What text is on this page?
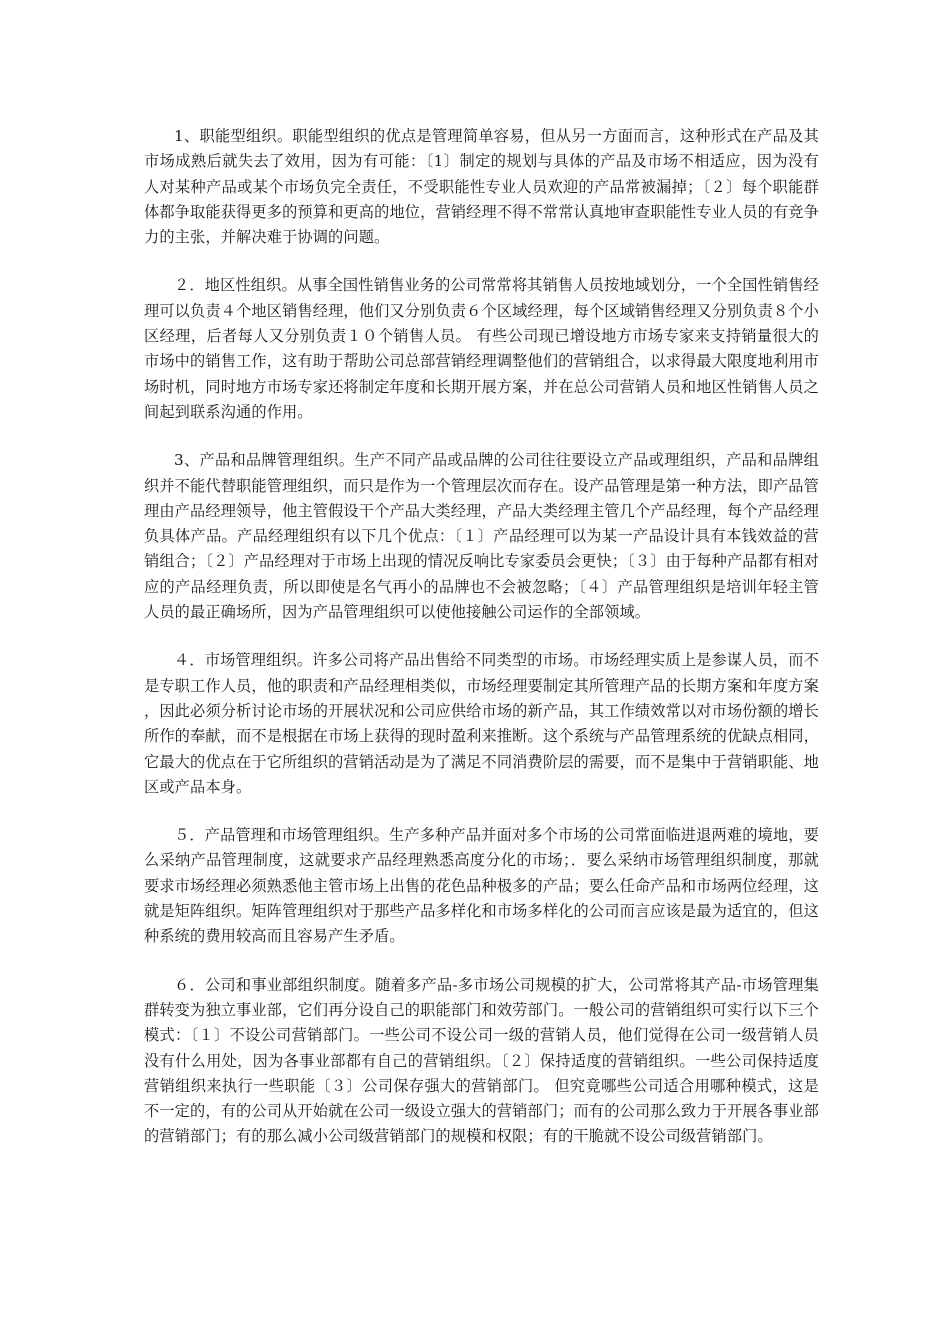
1、职能型组织。职能型组织的优点是管理简单容易，但从另一方面而言，这种形式在产品及其市场成熟后就失去了效用，因为有可能：〔1〕制定的规划与具体的产品及市场不相适应，因为没有人对某种产品或某个市场负完全责任，不受职能性专业人员欢迎的产品常被漏掉；〔２〕每个职能群体都争取能获得更多的预算和更高的地位，营销经理不得不常常认真地审查职能性专业人员的有竞争力的主张，并解决难于协调的问题。

２．地区性组织。从事全国性销售业务的公司常常将其销售人员按地域划分，一个全国性销售经理可以负责４个地区销售经理，他们又分别负责６个区域经理，每个区域销售经理又分别负责８个小区经理，后者每人又分别负责１０个销售人员。 有些公司现已增设地方市场专家来支持销量很大的市场中的销售工作，这有助于帮助公司总部营销经理调整他们的营销组合，以求得最大限度地利用市场时机，同时地方市场专家还将制定年度和长期开展方案，并在总公司营销人员和地区性销售人员之间起到联系沟通的作用。

3、产品和品牌管理组织。生产不同产品或品牌的公司往往要设立产品或理组织，产品和品牌组织并不能代替职能管理组织，而只是作为一个管理层次而存在。设产品管理是第一种方法，即产品管理由产品经理领导，他主管假设干个产品大类经理，产品大类经理主管几个产品经理，每个产品经理负具体产品。产品经理组织有以下几个优点：〔１〕产品经理可以为某一产品设计具有本钱效益的营销组合；〔２〕产品经理对于市场上出现的情况反响比专家委员会更快；〔３〕由于每种产品都有相对应的产品经理负责，所以即使是名气再小的品牌也不会被忽略；〔４〕产品管理组织是培训年轻主管人员的最正确场所，因为产品管理组织可以使他接触公司运作的全部领域。

４．市场管理组织。许多公司将产品出售给不同类型的市场。市场经理实质上是参谋人员，而不是专职工作人员，他的职责和产品经理相类似，市场经理要制定其所管理产品的长期方案和年度方案，因此必须分析讨论市场的开展状况和公司应供给市场的新产品，其工作绩效常以对市场份额的增长所作的奉献，而不是根据在市场上获得的现时盈利来推断。这个系统与产品管理系统的优缺点相同，它最大的优点在于它所组织的营销活动是为了满足不同消费阶层的需要，而不是集中于营销职能、地区或产品本身。

５．产品管理和市场管理组织。生产多种产品并面对多个市场的公司常面临进退两难的境地，要么采纳产品管理制度，这就要求产品经理熟悉高度分化的市场；．要么采纳市场管理组织制度，那就要求市场经理必须熟悉他主管市场上出售的花色品种极多的产品；要么任命产品和市场两位经理，这就是矩阵组织。矩阵管理组织对于那些产品多样化和市场多样化的公司而言应该是最为适宜的，但这种系统的费用较高而且容易产生矛盾。

６．公司和事业部组织制度。随着多产品-多市场公司规模的扩大，公司常将其产品-市场管理集群转变为独立事业部，它们再分设自己的职能部门和效劳部门。一般公司的营销组织可实行以下三个模式：〔１〕不设公司营销部门。一些公司不设公司一级的营销人员，他们觉得在公司一级营销人员没有什么用处，因为各事业部都有自己的营销组织。〔２〕保持适度的营销组织。一些公司保持适度营销组织来执行一些职能〔３〕公司保存强大的营销部门。 但究竟哪些公司适合用哪种模式，这是不一定的，有的公司从开始就在公司一级设立强大的营销部门；而有的公司那么致力于开展各事业部的营销部门；有的那么减小公司级营销部门的规模和权限；有的干脆就不设公司级营销部门。
